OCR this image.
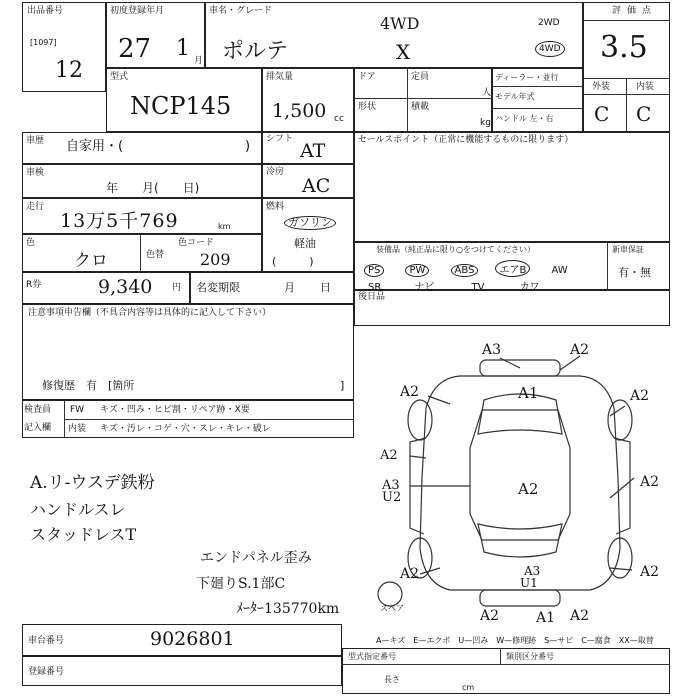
出品番号
[1097]
12
初度登録年月
27 1 月
車名・グレード
4WD
ポルテ	X
2WD
4WD
評価点
3.5
外装	内装
C C
型式
NCP145
排気量
1,500 cc
ドア	定員
人
形状	積載
kg
ディーラー・並行
モデル年式
ハンドル 左・右
車歴 自家用・(	) シフト
AT	セールスポイント（正常に機能するものに限ります）
車検
年　　月(　　日)
冷房
AC
走行
13万5千769	km
燃料
ガソリン
軽油
(　　　)
色
クロ	色替
色コード
209
装備品（純正品に限り○をつけてください）	新車保証
PS	PW	ABS	エアB	AW
SR	ナビ	TV	カワ
有・無
R券	9,340 円 名変期限	月 日
後日品
注意事項申告欄（不具合内容等は具体的に記入して下さい）
修復歴　有　[箇所	]
検査員
記入欄
FW キズ・凹み・ヒビ割・リペア跡・X要
内装 キズ・汚レ・コゲ・穴・スレ・キレ・破レ
A.リ-ウスデ鉄粉
ハンドルスレ
スタッドレスT
エンドパネル歪み
下廻りS.1部C
ﾒｰﾀｰ135770km
A3	A2
A2	A1	A2
A2
A3
U2	A2	A2
A2	A2
A3
U1
A2	A2
A1
スペア
A—キズ　E—エクボ　U—凹み　W—修理跡　S—サビ　C—腐食　XX—取替
車台番号	9026801
登録番号
型式指定番号	類別区分番号
長さ
cm
